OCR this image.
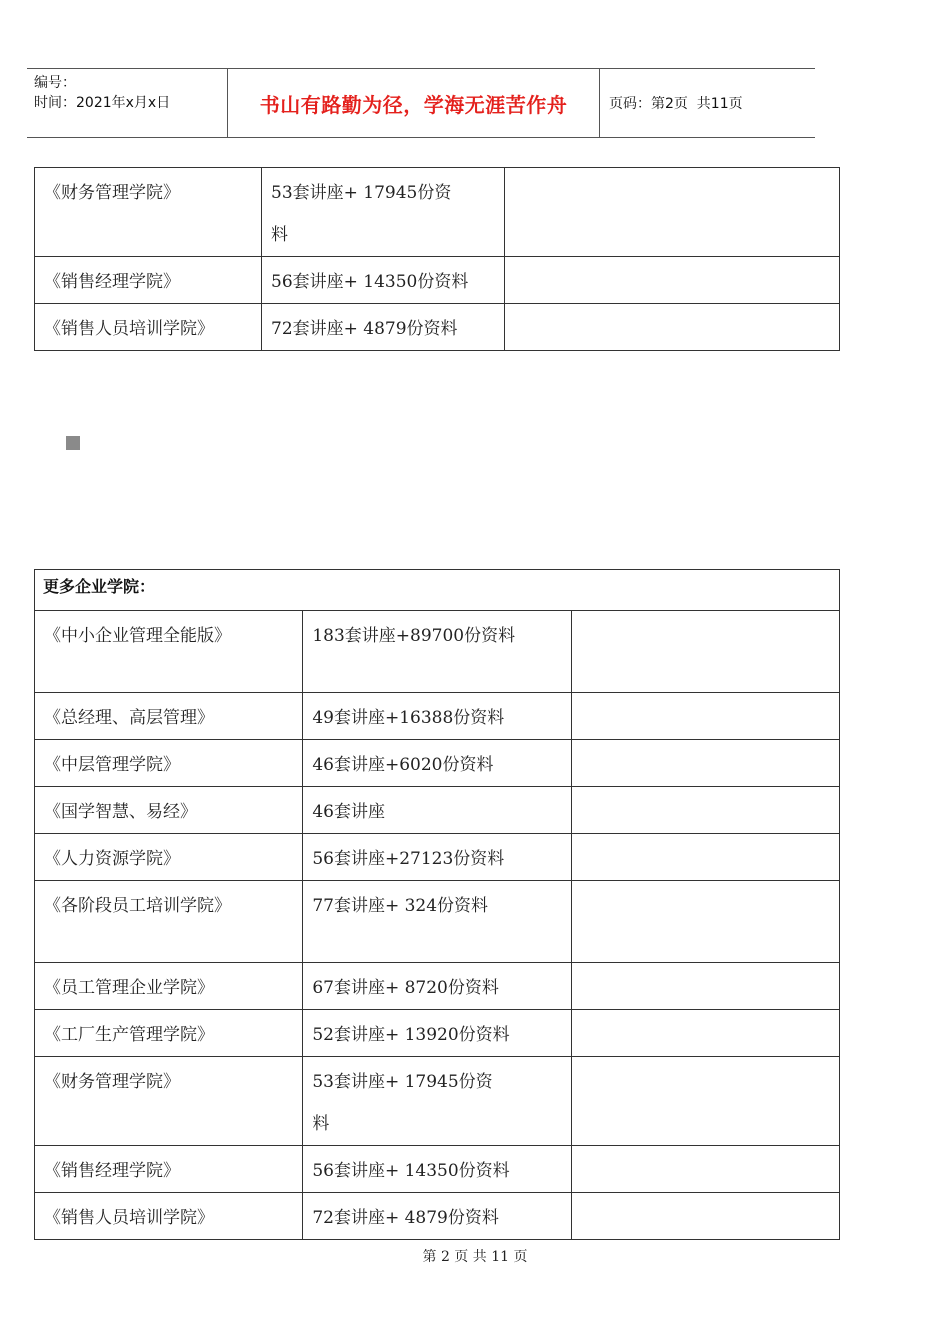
编号：
时间：2021年x月x日	书山有路勤为径，学海无涯苦作舟	页码：第2页  共11页
《财务管理学院》	53套讲座+ 17945份资料	

《销售经理学院》	56套讲座+ 14350份资料	
《销售人员培训学院》	72套讲座+ 4879份资料	
更多企业学院：		

《中小企业管理全能版》	183套讲座+89700份资料	
《总经理、高层管理》	49套讲座+16388份资料	
《中层管理学院》	46套讲座+6020份资料	
《国学智慧、易经》	46套讲座	
《人力资源学院》	56套讲座+27123份资料	

《各阶段员工培训学院》	77套讲座+ 324份资料	
《员工管理企业学院》	67套讲座+ 8720份资料	
《工厂生产管理学院》	52套讲座+ 13920份资料	
《财务管理学院》	53套讲座+ 17945份资料	

《销售经理学院》	56套讲座+ 14350份资料	
《销售人员培训学院》	72套讲座+ 4879份资料	
第 2 页 共 11 页
